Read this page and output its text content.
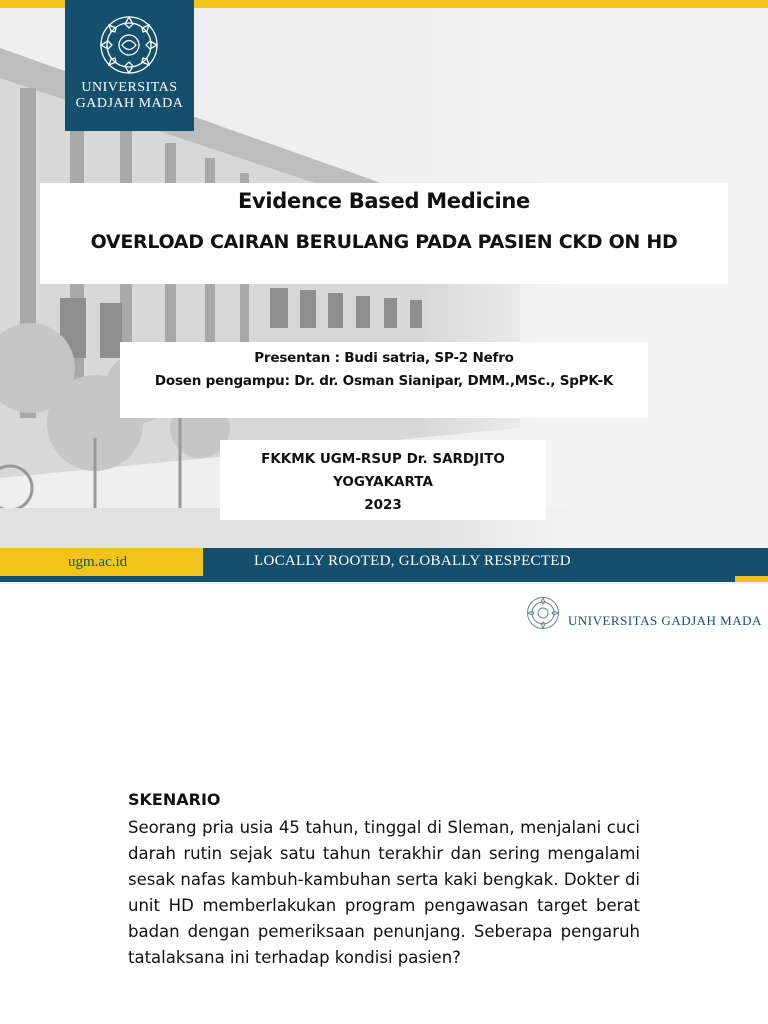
UNIVERSITAS
GADJAH MADA
Evidence Based Medicine
OVERLOAD CAIRAN BERULANG PADA PASIEN CKD ON HD
Presentan : Budi satria, SP-2 Nefro
Dosen pengampu: Dr. dr. Osman Sianipar, DMM.,MSc., SpPK-K
FKKMK UGM-RSUP Dr. SARDJITO
YOGYAKARTA
2023
ugm.ac.id	LOCALLY ROOTED, GLOBALLY RESPECTED
UNIVERSITAS GADJAH MADA
SKENARIO
Seorang pria usia 45 tahun, tinggal di Sleman, menjalani cuci darah rutin sejak satu tahun terakhir dan sering mengalami sesak nafas kambuh-kambuhan serta kaki bengkak. Dokter di unit HD memberlakukan program pengawasan target berat badan dengan pemeriksaan penunjang. Seberapa pengaruh tatalaksana ini terhadap kondisi pasien?
